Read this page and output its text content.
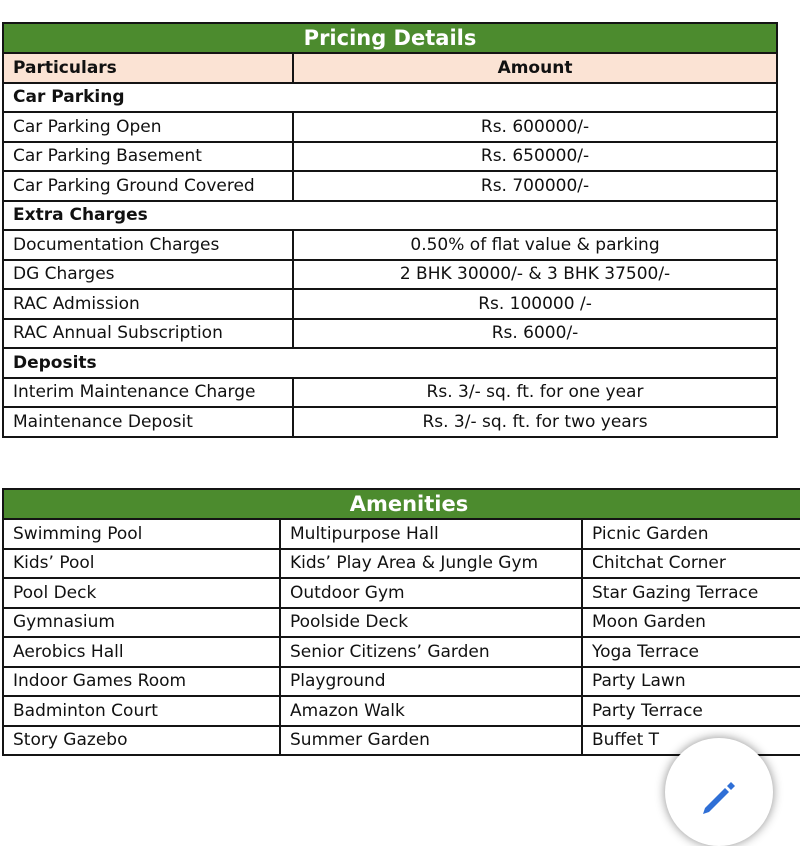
Pricing Details	
Particulars	Amount
Car Parking	
Car Parking Open	Rs. 600000/-
Car Parking Basement	Rs. 650000/-
Car Parking Ground Covered	Rs. 700000/-
Extra Charges	
Documentation Charges	0.50% of flat value & parking
DG Charges	2 BHK 30000/- & 3 BHK 37500/-
RAC Admission	Rs. 100000 /-
RAC Annual Subscription	Rs. 6000/-
Deposits	
Interim Maintenance Charge	Rs. 3/- sq. ft. for one year
Maintenance Deposit	Rs. 3/- sq. ft. for two years
Amenities		
Swimming Pool	Multipurpose Hall	Picnic Garden
Kids’ Pool	Kids’ Play Area & Jungle Gym	Chitchat Corner
Pool Deck	Outdoor Gym	Star Gazing Terrace
Gymnasium	Poolside Deck	Moon Garden
Aerobics Hall	Senior Citizens’ Garden	Yoga Terrace
Indoor Games Room	Playground	Party Lawn
Badminton Court	Amazon Walk	Party Terrace
Story Gazebo	Summer Garden	Buffet T
